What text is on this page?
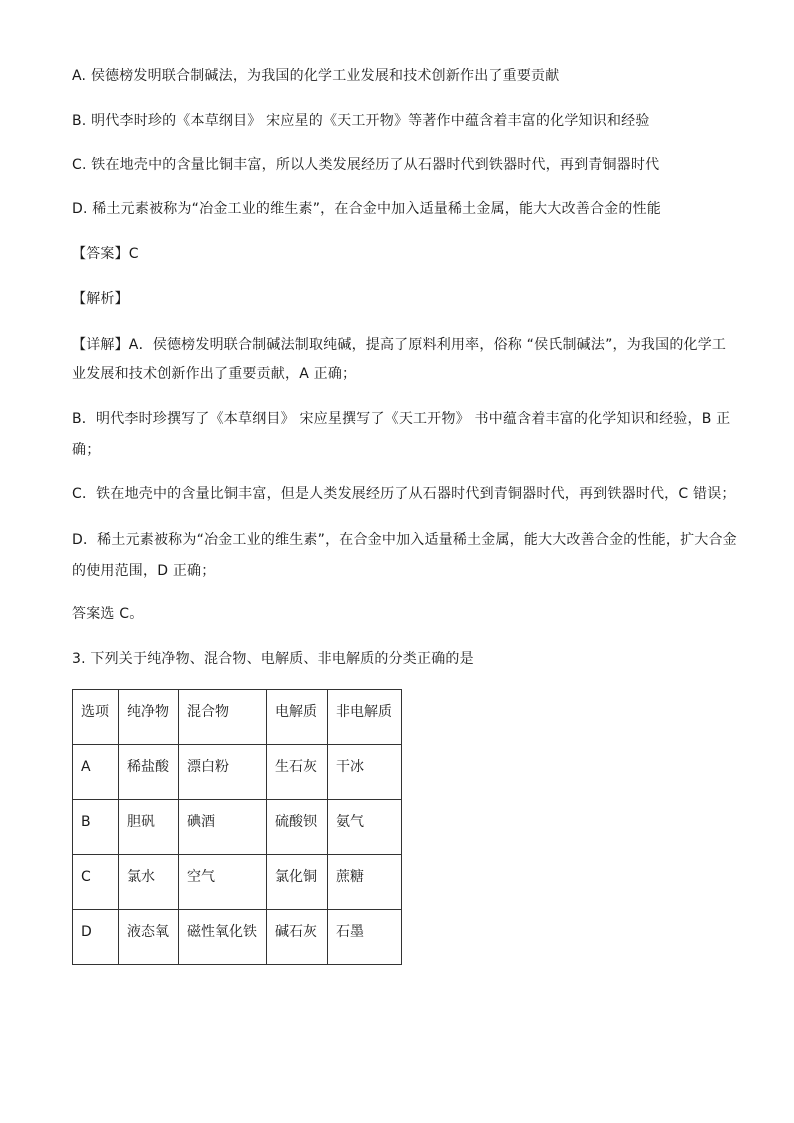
A. 侯德榜发明联合制碱法，为我国的化学工业发展和技术创新作出了重要贡献
B. 明代李时珍的《本草纲目》 宋应星的《天工开物》等著作中蕴含着丰富的化学知识和经验
C. 铁在地壳中的含量比铜丰富，所以人类发展经历了从石器时代到铁器时代，再到青铜器时代
D. 稀土元素被称为“冶金工业的维生素”，在合金中加入适量稀土金属，能大大改善合金的性能
【答案】C
【解析】
【详解】A．侯德榜发明联合制碱法制取纯碱，提高了原料利用率，俗称 “侯氏制碱法”，为我国的化学工
业发展和技术创新作出了重要贡献，A 正确；
B．明代李时珍撰写了《本草纲目》 宋应星撰写了《天工开物》 书中蕴含着丰富的化学知识和经验，B 正
确；
C．铁在地壳中的含量比铜丰富，但是人类发展经历了从石器时代到青铜器时代，再到铁器时代，C 错误；
D．稀土元素被称为“冶金工业的维生素”，在合金中加入适量稀土金属，能大大改善合金的性能，扩大合金
的使用范围，D 正确；
答案选 C。
3. 下列关于纯净物、混合物、电解质、非电解质的分类正确的是
选项	纯净物	混合物	电解质	非电解质

A	稀盐酸	漂白粉	生石灰	干冰

B	胆矾	碘酒	硫酸钡	氨气

C	氯水	空气	氯化铜	蔗糖

D	液态氧	磁性氧化铁	碱石灰	石墨
